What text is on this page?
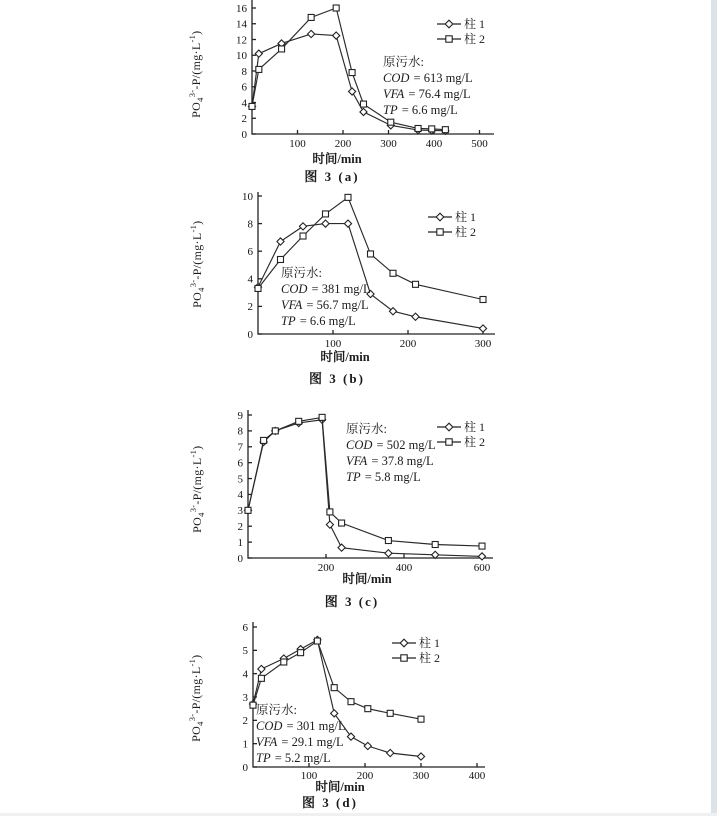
0
2
4
6
8
10
12
14
16
100	200	300	400	500
$PO_4^{3-}-P/(mg\cdot L^{-1})$
柱 1
柱 2
原污水:
COD = 613 mg/L
VFA = 76.4 mg/L
TP = 6.6 mg/L
时间/min
图 3 (a)
0
2
4
6
8
10
100	200	300
$PO_4^{3-}-P/(mg\cdot L^{-1})$	柱 1
柱 2
原污水:
COD = 381 mg/L
VFA = 56.7 mg/L
TP = 6.6 mg/L
时间/min
图 3 (b)
0
1
2
3
4
5
6
7
8
9
200	400	600
$PO_4^{3-}-P/(mg\cdot L^{-1})$
柱 1
柱 2
原污水:
COD = 502 mg/L
VFA = 37.8 mg/L
TP = 5.8 mg/L
时间/min
图 3 (c)
0
1
2
3
4
5
6
100	200	300	400
$PO_4^{3-}-P/(mg\cdot L^{-1})$
柱 1
柱 2
原污水:
COD = 301 mg/L
VFA = 29.1 mg/L
TP = 5.2 mg/L
时间/min
图 3 (d)
